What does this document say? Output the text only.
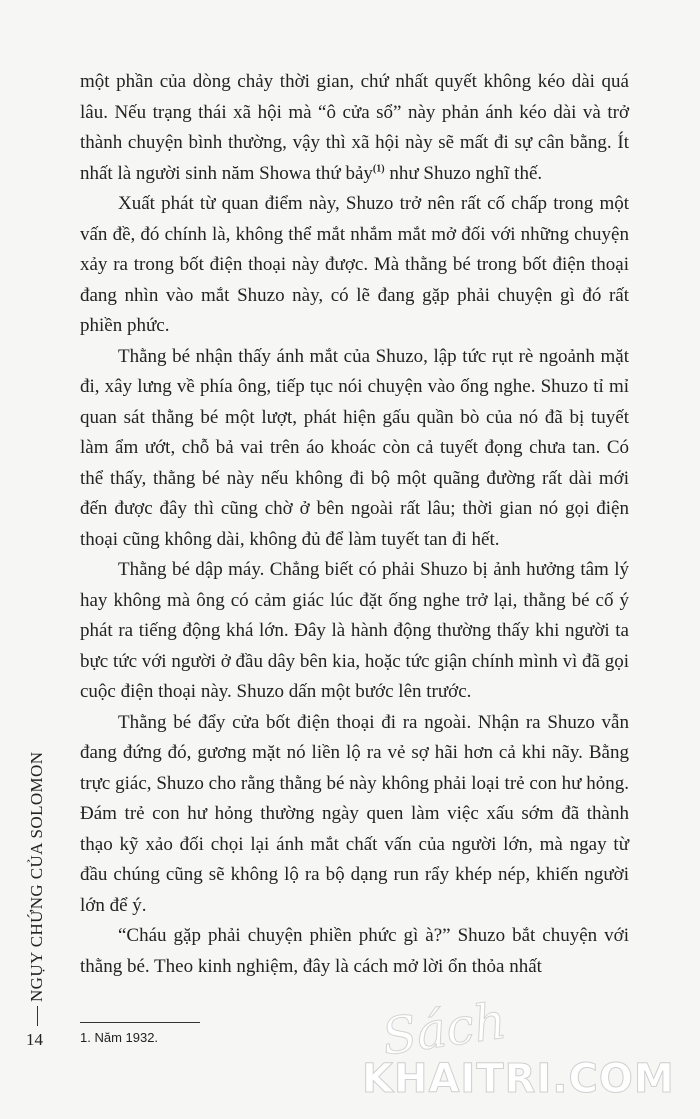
NGỤY CHỨNG CỦA SOLOMON
14

một phần của dòng chảy thời gian, chứ nhất quyết không kéo dài quá lâu. Nếu trạng thái xã hội mà “ô cửa sổ” này phản ánh kéo dài và trở thành chuyện bình thường, vậy thì xã hội này sẽ mất đi sự cân bằng. Ít nhất là người sinh năm Showa thứ bảy$^{(1)}$ như Shuzo nghĩ thế.

Xuất phát từ quan điểm này, Shuzo trở nên rất cố chấp trong một vấn đề, đó chính là, không thể mắt nhắm mắt mở đối với những chuyện xảy ra trong bốt điện thoại này được. Mà thằng bé trong bốt điện thoại đang nhìn vào mắt Shuzo này, có lẽ đang gặp phải chuyện gì đó rất phiền phức.

Thằng bé nhận thấy ánh mắt của Shuzo, lập tức rụt rè ngoảnh mặt đi, xây lưng về phía ông, tiếp tục nói chuyện vào ống nghe. Shuzo tỉ mỉ quan sát thằng bé một lượt, phát hiện gấu quần bò của nó đã bị tuyết làm ẩm ướt, chỗ bả vai trên áo khoác còn cả tuyết đọng chưa tan. Có thể thấy, thằng bé này nếu không đi bộ một quãng đường rất dài mới đến được đây thì cũng chờ ở bên ngoài rất lâu; thời gian nó gọi điện thoại cũng không dài, không đủ để làm tuyết tan đi hết.

Thằng bé dập máy. Chẳng biết có phải Shuzo bị ảnh hưởng tâm lý hay không mà ông có cảm giác lúc đặt ống nghe trở lại, thằng bé cố ý phát ra tiếng động khá lớn. Đây là hành động thường thấy khi người ta bực tức với người ở đầu dây bên kia, hoặc tức giận chính mình vì đã gọi cuộc điện thoại này. Shuzo dấn một bước lên trước.

Thằng bé đẩy cửa bốt điện thoại đi ra ngoài. Nhận ra Shuzo vẫn đang đứng đó, gương mặt nó liền lộ ra vẻ sợ hãi hơn cả khi nãy. Bằng trực giác, Shuzo cho rằng thằng bé này không phải loại trẻ con hư hỏng. Đám trẻ con hư hỏng thường ngày quen làm việc xấu sớm đã thành thạo kỹ xảo đối chọi lại ánh mắt chất vấn của người lớn, mà ngay từ đầu chúng cũng sẽ không lộ ra bộ dạng run rẩy khép nép, khiến người lớn để ý.

“Cháu gặp phải chuyện phiền phức gì à?” Shuzo bắt chuyện với thằng bé. Theo kinh nghiệm, đây là cách mở lời ổn thỏa nhất

1. Năm 1932.	Sách
KHAITRI.COM
